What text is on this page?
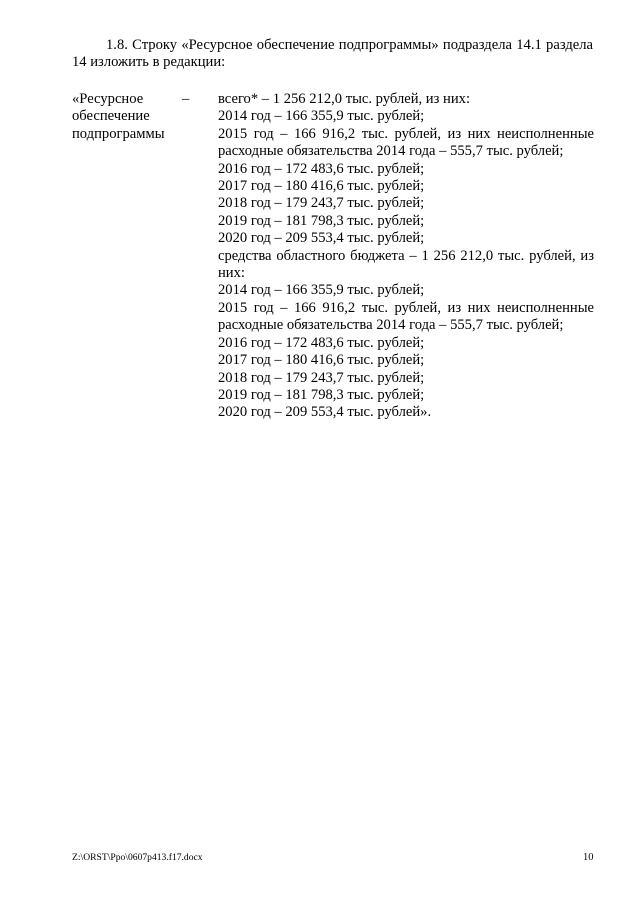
1.8. Строку «Ресурсное обеспечение подпрограммы» подраздела 14.1 раздела 14 изложить в редакции:

«Ресурсное
обеспечение
подпрограммы
– всего* – 1 256 212,0 тыс. рублей, из них:
2014 год – 166 355,9 тыс. рублей;
2015 год – 166 916,2 тыс. рублей, из них неисполненные расходные обязательства 2014 года – 555,7 тыс. рублей;
2016 год – 172 483,6 тыс. рублей;
2017 год – 180 416,6 тыс. рублей;
2018 год – 179 243,7 тыс. рублей;
2019 год – 181 798,3 тыс. рублей;
2020 год – 209 553,4 тыс. рублей;
средства областного бюджета – 1 256 212,0 тыс. рублей, из них:
2014 год – 166 355,9 тыс. рублей;
2015 год – 166 916,2 тыс. рублей, из них неисполненные расходные обязательства 2014 года – 555,7 тыс. рублей;
2016 год – 172 483,6 тыс. рублей;
2017 год – 180 416,6 тыс. рублей;
2018 год – 179 243,7 тыс. рублей;
2019 год – 181 798,3 тыс. рублей;
2020 год – 209 553,4 тыс. рублей».
Z:\ORST\Ppo\0607p413.f17.docx	10
